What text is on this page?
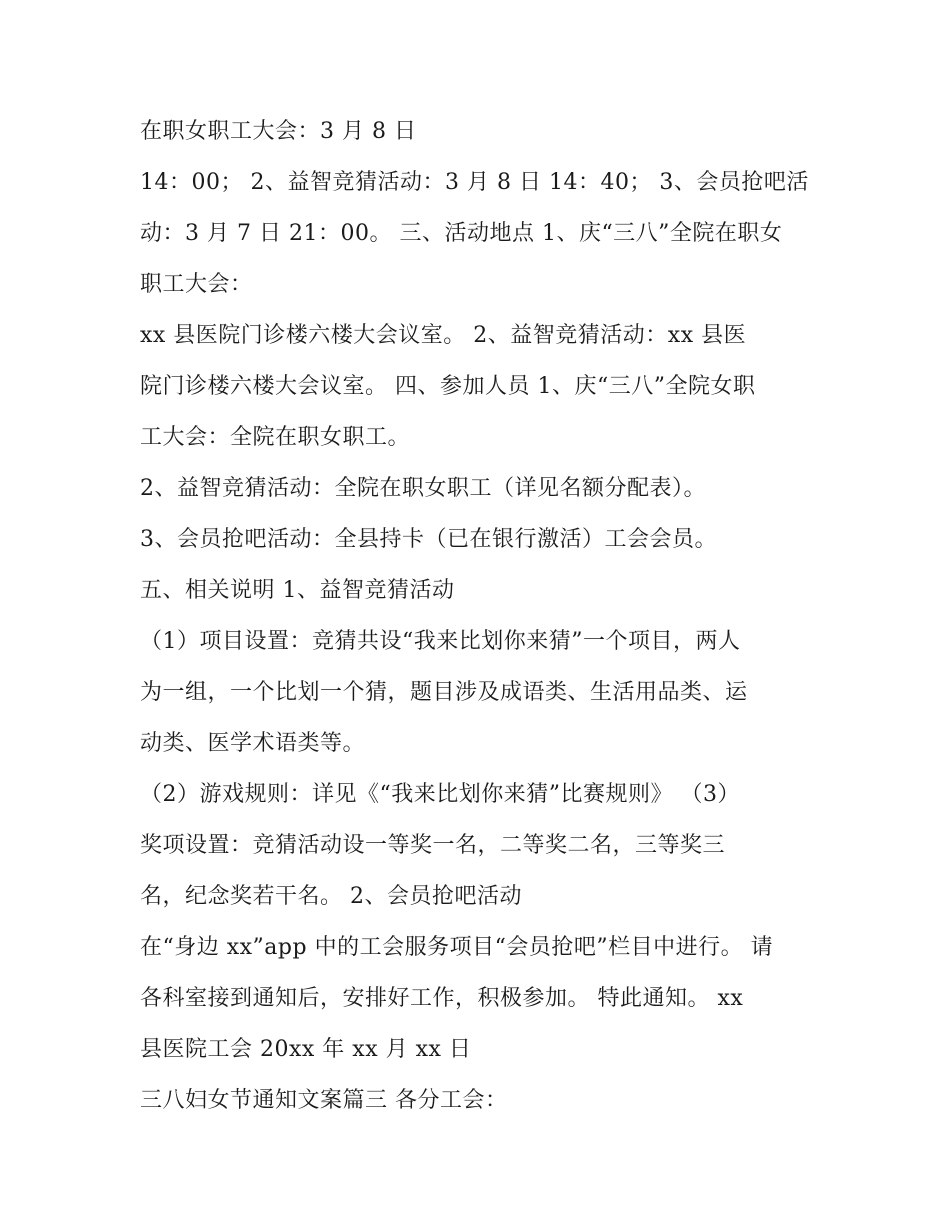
在职女职工大会：3 月 8 日
14：00； 2、益智竞猜活动：3 月 8 日 14：40； 3、会员抢吧活
动：3 月 7 日 21：00。 三、活动地点 1、庆“三八”全院在职女
职工大会：
xx 县医院门诊楼六楼大会议室。 2、益智竞猜活动：xx 县医
院门诊楼六楼大会议室。 四、参加人员 1、庆“三八”全院女职
工大会：全院在职女职工。
2、益智竞猜活动：全院在职女职工（详见名额分配表）。
3、会员抢吧活动：全县持卡（已在银行激活）工会会员。
五、相关说明 1、益智竞猜活动
（1）项目设置：竞猜共设“我来比划你来猜”一个项目，两人
为一组，一个比划一个猜，题目涉及成语类、生活用品类、运
动类、医学术语类等。
（2）游戏规则：详见《“我来比划你来猜”比赛规则》 （3）
奖项设置：竞猜活动设一等奖一名，二等奖二名，三等奖三
名，纪念奖若干名。 2、会员抢吧活动
在“身边 xx”app 中的工会服务项目“会员抢吧”栏目中进行。 请
各科室接到通知后，安排好工作，积极参加。 特此通知。 xx
县医院工会 20xx 年 xx 月 xx 日
三八妇女节通知文案篇三 各分工会：
